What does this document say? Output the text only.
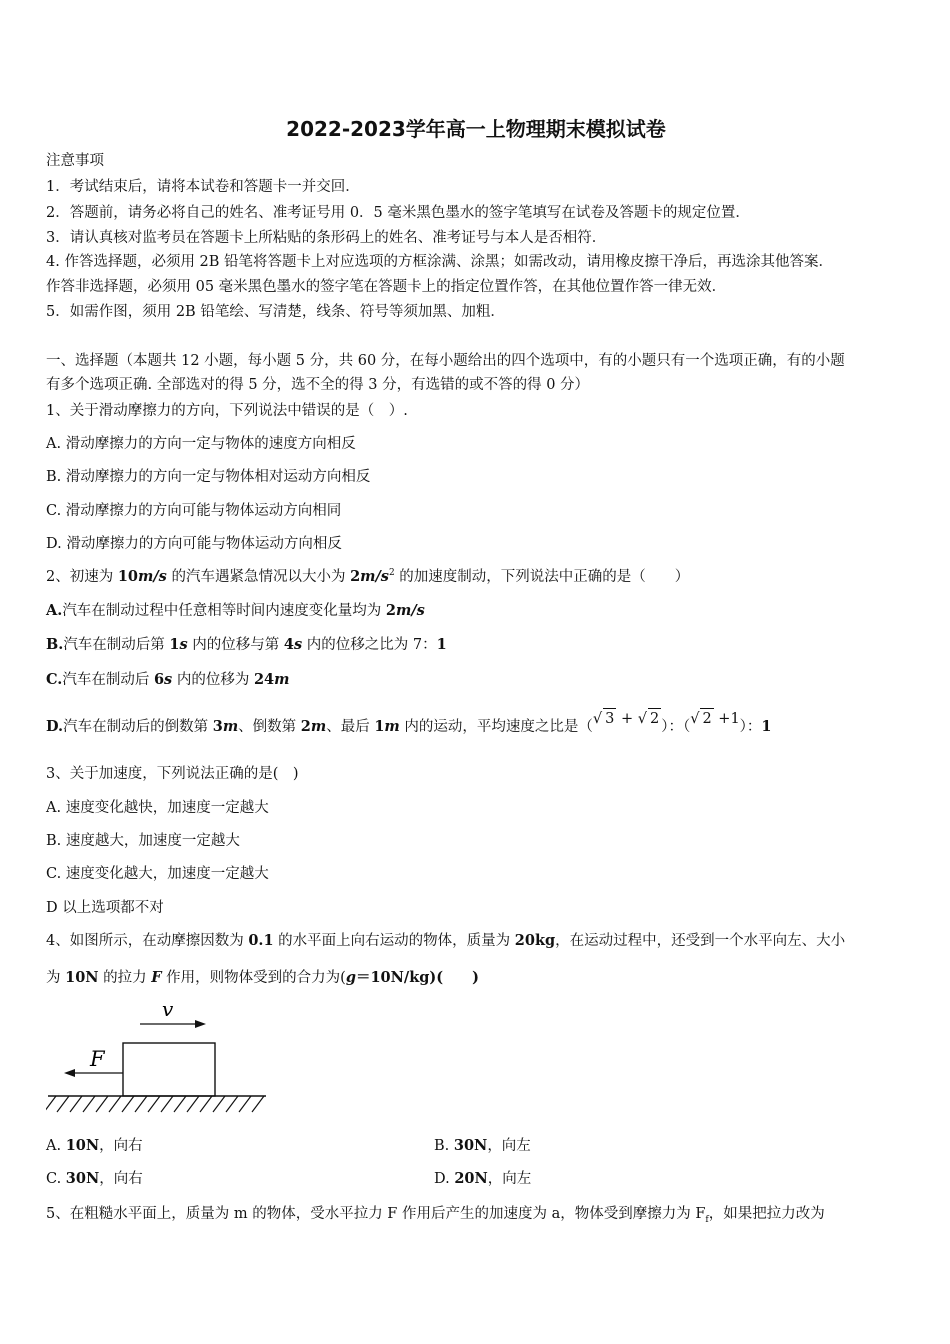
2022-2023学年高一上物理期末模拟试卷
注意事项
1．考试结束后，请将本试卷和答题卡一并交回．
2．答题前，请务必将自己的姓名、准考证号用 0．5 毫米黑色墨水的签字笔填写在试卷及答题卡的规定位置．
3．请认真核对监考员在答题卡上所粘贴的条形码上的姓名、准考证号与本人是否相符．
4. 作答选择题，必须用 2B 铅笔将答题卡上对应选项的方框涂满、涂黑；如需改动，请用橡皮擦干净后，再选涂其他答案．
作答非选择题，必须用 05 毫米黑色墨水的签字笔在答题卡上的指定位置作答，在其他位置作答一律无效．
5．如需作图，须用 2B 铅笔绘、写清楚，线条、符号等须加黑、加粗．
一、选择题（本题共 12 小题，每小题 5 分，共 60 分，在每小题给出的四个选项中，有的小题只有一个选项正确，有的小题
有多个选项正确. 全部选对的得 5 分，选不全的得 3 分，有选错的或不答的得 0 分）
1、关于滑动摩擦力的方向，下列说法中错误的是（　）.
A. 滑动摩擦力的方向一定与物体的速度方向相反
B. 滑动摩擦力的方向一定与物体相对运动方向相反
C. 滑动摩擦力的方向可能与物体运动方向相同
D. 滑动摩擦力的方向可能与物体运动方向相反
2、初速为 10m/s 的汽车遇紧急情况以大小为 $2m/s^2$ 的加速度制动，下列说法中正确的是（　　）
A.汽车在制动过程中任意相等时间内速度变化量均为 2m/s
B.汽车在制动后第 1s 内的位移与第 4s 内的位移之比为 7：1
C.汽车在制动后 6s 内的位移为 24m
D.汽车在制动后的倒数第 3m、倒数第 2m、最后 1m 内的运动，平均速度之比是（√ 3 + √ 2 ）：（√ 2 +1）：1
3、关于加速度，下列说法正确的是(　)
A. 速度变化越快，加速度一定越大
B. 速度越大，加速度一定越大
C. 速度变化越大，加速度一定越大
D 以上选项都不对
4、如图所示，在动摩擦因数为 0.1 的水平面上向右运动的物体，质量为 20kg，在运动过程中，还受到一个水平向左、大小
为 10N 的拉力 F 作用，则物体受到的合力为(g＝10N/kg)(　　)
v
F
A. 10N，向右	B. 30N，向左
C. 30N，向右	D. 20N，向左
5、在粗糙水平面上，质量为 m 的物体，受水平拉力 F 作用后产生的加速度为 a，物体受到摩擦力为 $F_f$，如果把拉力改为
